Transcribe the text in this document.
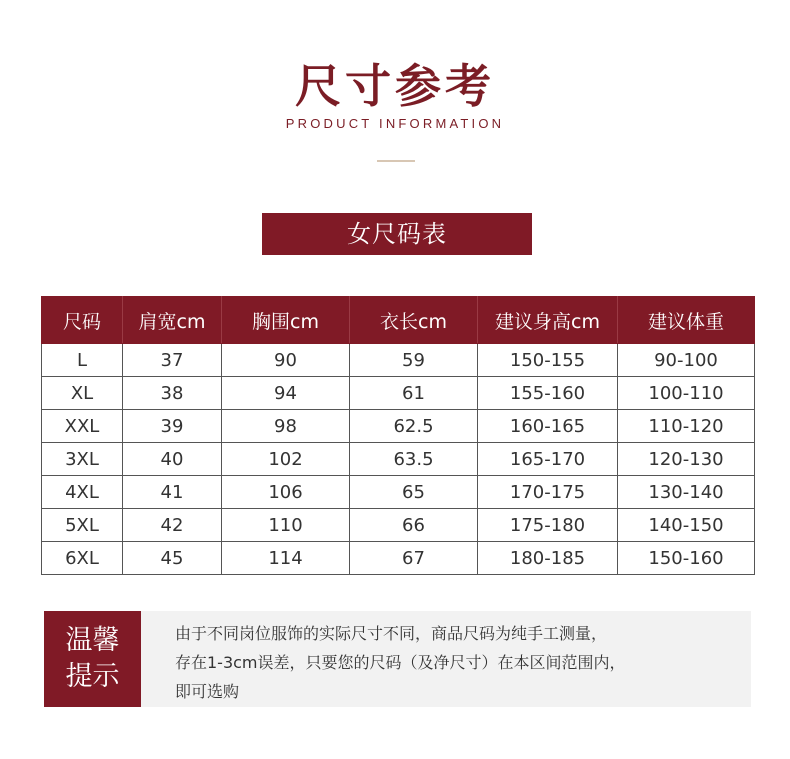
尺寸参考
PRODUCT INFORMATION
女尺码表
尺码	肩宽cm	胸围cm	衣长cm	建议身高cm	建议体重
L	37	90	59	150-155	90-100
XL	38	94	61	155-160	100-110
XXL	39	98	62.5	160-165	110-120
3XL	40	102	63.5	165-170	120-130
4XL	41	106	65	170-175	130-140
5XL	42	110	66	175-180	140-150
6XL	45	114	67	180-185	150-160
温馨
提示
由于不同岗位服饰的实际尺寸不同，商品尺码为纯手工测量，
存在1-3cm误差，只要您的尺码（及净尺寸）在本区间范围内，
即可选购
